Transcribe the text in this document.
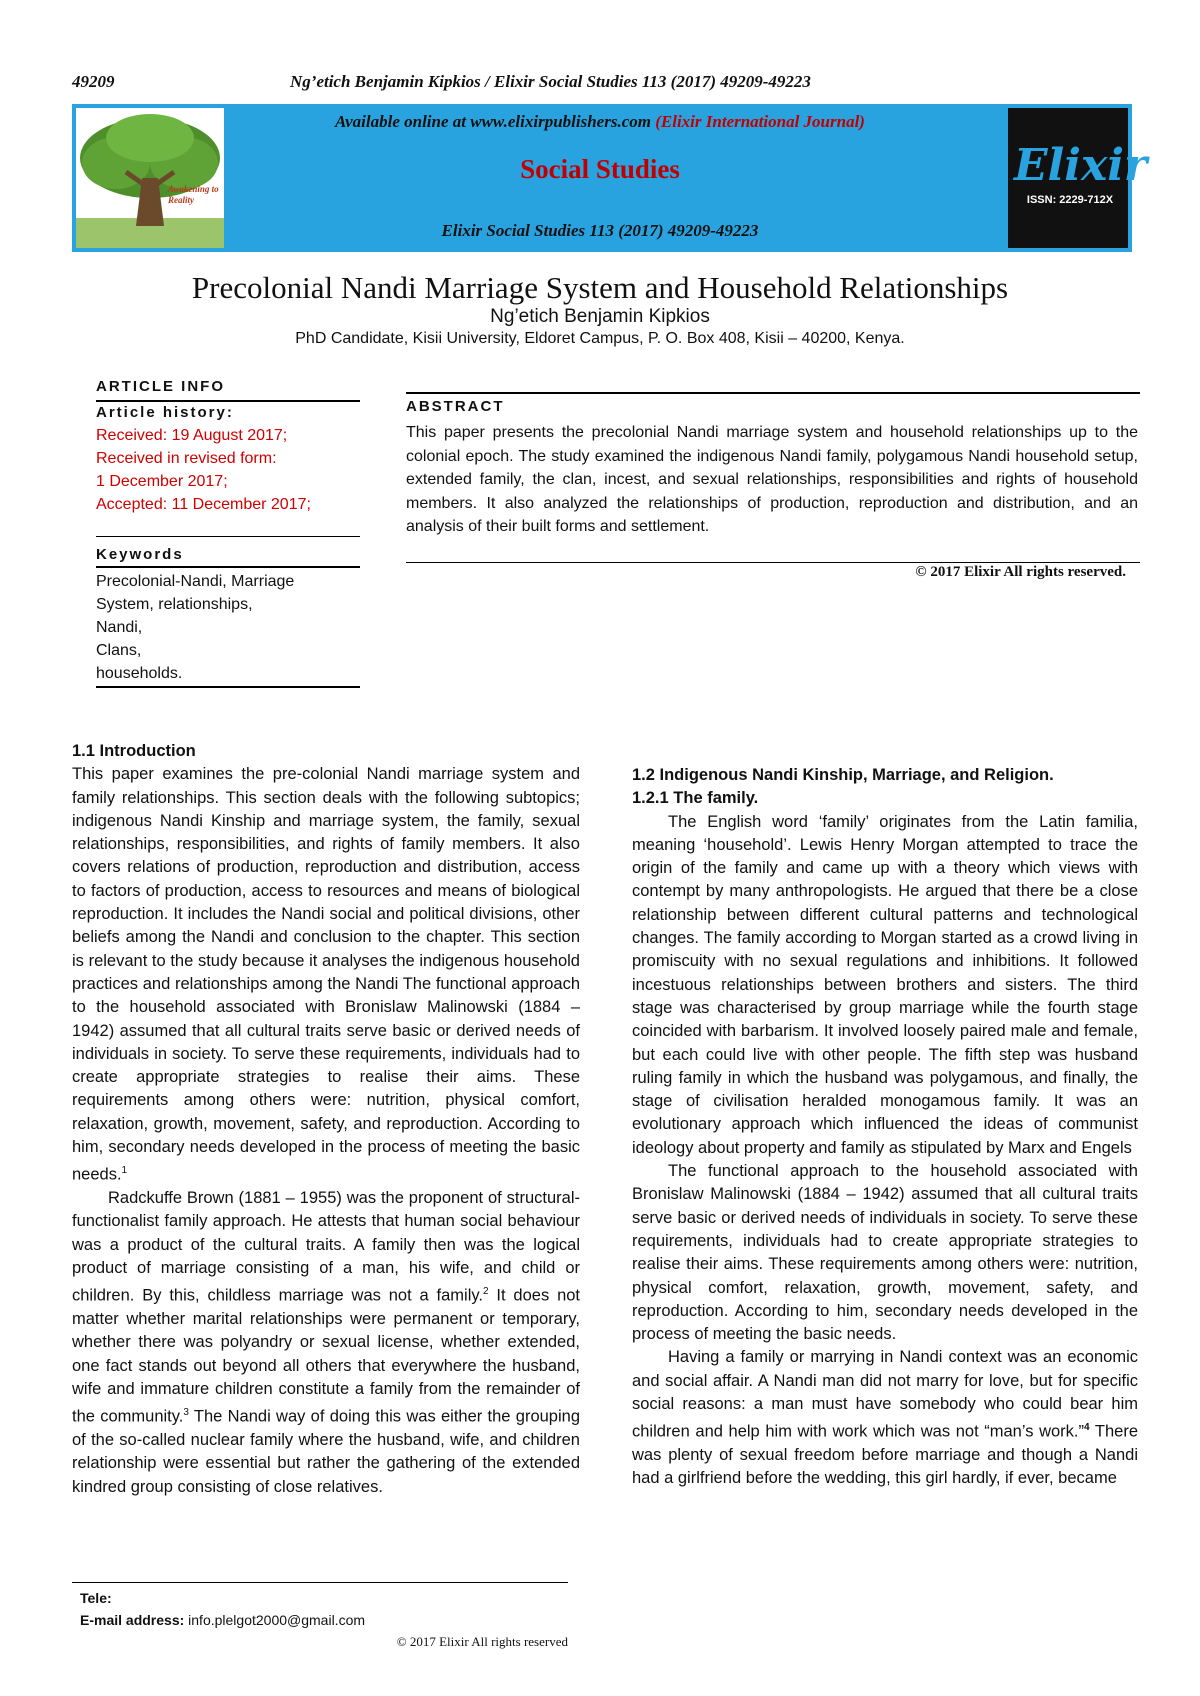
49209	Ng’etich Benjamin Kipkios / Elixir Social Studies 113 (2017) 49209-49223
Awakening to Reality
Available online at www.elixirpublishers.com (Elixir International Journal)
Social Studies
Elixir Social Studies 113 (2017) 49209-49223
Elixir
ISSN: 2229-712X
Precolonial Nandi Marriage System and Household Relationships
Ng’etich Benjamin Kipkios
PhD Candidate, Kisii University, Eldoret Campus, P. O. Box 408, Kisii – 40200, Kenya.
ARTICLE INFO
Article history:
Received: 19 August 2017;
Received in revised form:
1 December 2017;
Accepted: 11 December 2017;
Keywords
Precolonial-Nandi, Marriage
System, relationships,
Nandi,
Clans,
households.
ABSTRACT
This paper presents the precolonial Nandi marriage system and household relationships up to the colonial epoch. The study examined the indigenous Nandi family, polygamous Nandi household setup, extended family, the clan, incest, and sexual relationships, responsibilities and rights of household members. It also analyzed the relationships of production, reproduction and distribution, and an analysis of their built forms and settlement.
© 2017 Elixir All rights reserved.
1.1 Introduction

This paper examines the pre-colonial Nandi marriage system and family relationships. This section deals with the following subtopics; indigenous Nandi Kinship and marriage system, the family, sexual relationships, responsibilities, and rights of family members. It also covers relations of production, reproduction and distribution, access to factors of production, access to resources and means of biological reproduction. It includes the Nandi social and political divisions, other beliefs among the Nandi and conclusion to the chapter. This section is relevant to the study because it analyses the indigenous household practices and relationships among the Nandi The functional approach to the household associated with Bronislaw Malinowski (1884 – 1942) assumed that all cultural traits serve basic or derived needs of individuals in society. To serve these requirements, individuals had to create appropriate strategies to realise their aims. These requirements among others were: nutrition, physical comfort, relaxation, growth, movement, safety, and reproduction. According to him, secondary needs developed in the process of meeting the basic needs.$^1$

Radckuffe Brown (1881 – 1955) was the proponent of structural-functionalist family approach. He attests that human social behaviour was a product of the cultural traits. A family then was the logical product of marriage consisting of a man, his wife, and child or children. By this, childless marriage was not a family.$^2$ It does not matter whether marital relationships were permanent or temporary, whether there was polyandry or sexual license, whether extended, one fact stands out beyond all others that everywhere the husband, wife and immature children constitute a family from the remainder of the community.$^3$ The Nandi way of doing this was either the grouping of the so-called nuclear family where the husband, wife, and children relationship were essential but rather the gathering of the extended kindred group consisting of close relatives.

1.2 Indigenous Nandi Kinship, Marriage, and Religion.
1.2.1 The family.

The English word ‘family’ originates from the Latin familia, meaning ‘household’. Lewis Henry Morgan attempted to trace the origin of the family and came up with a theory which views with contempt by many anthropologists. He argued that there be a close relationship between different cultural patterns and technological changes. The family according to Morgan started as a crowd living in promiscuity with no sexual regulations and inhibitions. It followed incestuous relationships between brothers and sisters. The third stage was characterised by group marriage while the fourth stage coincided with barbarism. It involved loosely paired male and female, but each could live with other people. The fifth step was husband ruling family in which the husband was polygamous, and finally, the stage of civilisation heralded monogamous family. It was an evolutionary approach which influenced the ideas of communist ideology about property and family as stipulated by Marx and Engels

The functional approach to the household associated with Bronislaw Malinowski (1884 – 1942) assumed that all cultural traits serve basic or derived needs of individuals in society. To serve these requirements, individuals had to create appropriate strategies to realise their aims. These requirements among others were: nutrition, physical comfort, relaxation, growth, movement, safety, and reproduction. According to him, secondary needs developed in the process of meeting the basic needs.

Having a family or marrying in Nandi context was an economic and social affair. A Nandi man did not marry for love, but for specific social reasons: a man must have somebody who could bear him children and help him with work which was not “man’s work.”$^4$ There was plenty of sexual freedom before marriage and though a Nandi had a girlfriend before the wedding, this girl hardly, if ever, became

Tele:
E-mail address: info.plelgot2000@gmail.com
© 2017 Elixir All rights reserved
